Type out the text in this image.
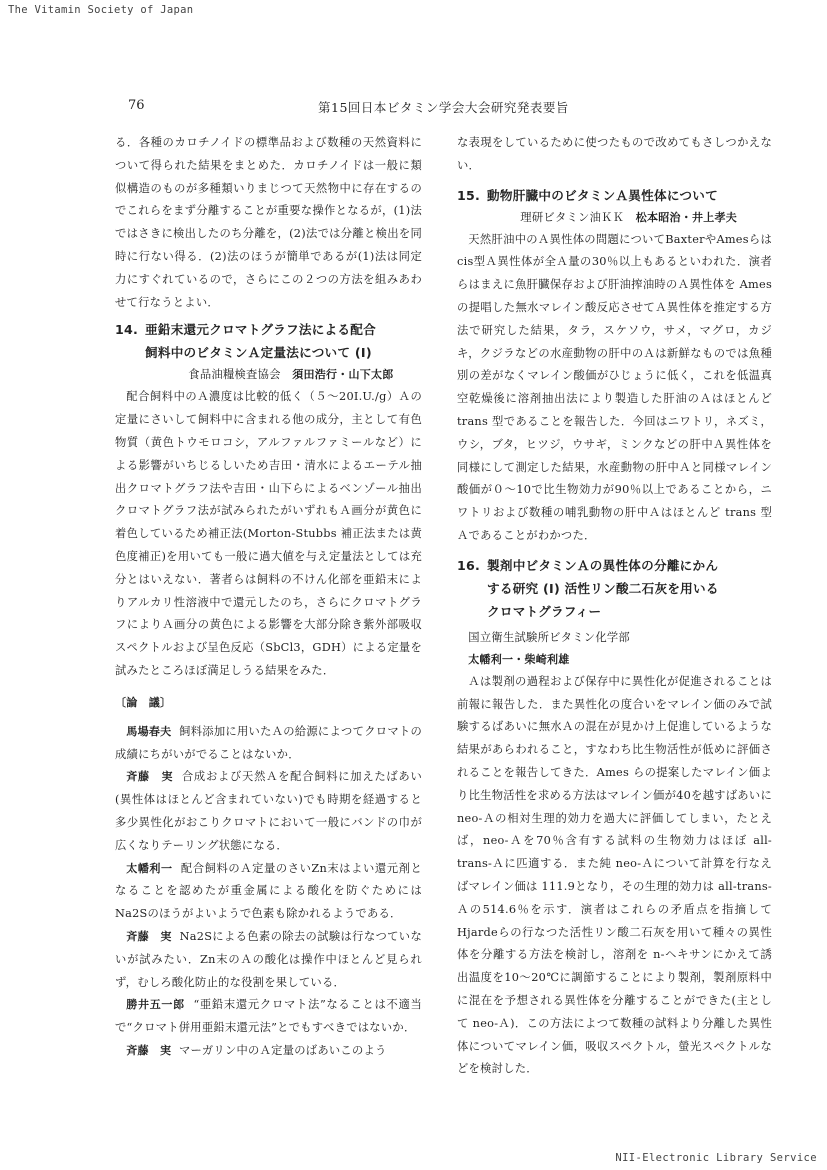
The Vitamin Society of Japan
76	第15回日本ビタミン学会大会研究発表要旨

る．各種のカロチノイドの標準品および数種の天然資料について得られた結果をまとめた．カロチノイドは一般に類似構造のものが多種類いりまじつて天然物中に存在するのでこれらをまず分離することが重要な操作となるが，(1)法ではさきに検出したのち分離を，(2)法では分離と検出を同時に行ない得る．(2)法のほうが簡単であるが(1)法は同定力にすぐれているので，さらにこの２つの方法を組みあわせて行なうとよい．

14. 亜鉛末還元クロマトグラフ法による配合
飼料中のビタミンＡ定量法について (I)

食品油糧検査協会 須田浩行・山下太郎

配合飼料中のＡ濃度は比較的低く（５～20I.U./g）Ａの定量にさいして飼料中に含まれる他の成分，主として有色物質（黄色トウモロコシ，アルファルファミールなど）による影響がいちじるしいため吉田・清水によるエーテル抽出クロマトグラフ法や吉田・山下らによるベンゾール抽出クロマトグラフ法が試みられたがいずれもＡ画分が黄色に着色しているため補正法(Morton-Stubbs 補正法または黄色度補正)を用いても一般に過大値を与え定量法としては充分とはいえない．著者らは飼料の不けん化部を亜鉛末によりアルカリ性溶液中で還元したのち，さらにクロマトグラフによりＡ画分の黄色による影響を大部分除き紫外部吸収スペクトルおよび呈色反応（SbCl3，GDH）による定量を試みたところほぼ満足しうる結果をみた．

〔論　議〕

馬場春夫 飼料添加に用いたＡの給源によつてクロマトの成績にちがいがでることはないか．

斉藤　実 合成および天然Ａを配合飼料に加えたばあい(異性体はほとんど含まれていない)でも時期を経過すると多少異性化がおこりクロマトにおいて一般にバンドの巾が広くなりテーリング状態になる．

太幡利一 配合飼料のＡ定量のさいZn末はよい還元剤となることを認めたが重金属による酸化を防ぐためにはNa2Sのほうがよいようで色素も除かれるようである．

斉藤　実 Na2Sによる色素の除去の試験は行なつていないが試みたい．Zn末のＡの酸化は操作中ほとんど見られず，むしろ酸化防止的な役割を果している．

勝井五一郎 “亜鉛末還元クロマト法”なることは不適当で“クロマト併用亜鉛末還元法”とでもすべきではないか．

斉藤　実 マーガリン中のＡ定量のばあいこのよう

な表現をしているために使つたもので改めてもさしつかえない．

15. 動物肝臓中のビタミンＡ異性体について

理研ビタミン油ＫＫ 松本昭治・井上孝夫

天然肝油中のＡ異性体の問題についてBaxterやAmesらはcis型Ａ異性体が全Ａ量の30％以上もあるといわれた．演者らはまえに魚肝臓保存および肝油搾油時のＡ異性体を Ames の提唱した無水マレイン酸反応させてＡ異性体を推定する方法で研究した結果，タラ，スケソウ，サメ，マグロ，カジキ，クジラなどの水産動物の肝中のＡは新鮮なものでは魚種別の差がなくマレイン酸価がひじょうに低く，これを低温真空乾燥後に溶剤抽出法により製造した肝油のＡはほとんど trans 型であることを報告した．今回はニワトリ，ネズミ，ウシ，ブタ，ヒツジ，ウサギ，ミンクなどの肝中Ａ異性体を同様にして測定した結果，水産動物の肝中Ａと同様マレイン酸価が０～10で比生物効力が90％以上であることから，ニワトリおよび数種の哺乳動物の肝中Ａはほとんど trans 型Ａであることがわかつた．

16. 製剤中ビタミンＡの異性体の分離にかん
する研究 (I) 活性リン酸二石灰を用いる
クロマトグラフィー

国立衛生試験所ビタミン化学部

太幡利一・柴崎利雄

Ａは製剤の過程および保存中に異性化が促進されることは前報に報告した．また異性化の度合いをマレイン価のみで試験するばあいに無水Ａの混在が見かけ上促進しているような結果があらわれること，すなわち比生物活性が低めに評価されることを報告してきた．Ames らの提案したマレイン価より比生物活性を求める方法はマレイン価が40を越すばあいに neo-Ａの相対生理的効力を過大に評価してしまい，たとえば，neo-Ａを70％含有する試料の生物効力はほぼ all-trans-Ａに匹適する．また純 neo-Ａについて計算を行なえばマレイン価は 111.9となり，その生理的効力は all-trans-Ａの514.6％を示す．演者はこれらの矛盾点を指摘してHjardeらの行なつた活性リン酸二石灰を用いて種々の異性体を分離する方法を検討し，溶剤を n-ヘキサンにかえて誘出温度を10～20℃に調節することにより製剤，製剤原料中に混在を予想される異性体を分離することができた(主として neo-Ａ)．この方法によつて数種の試料より分離した異性体についてマレイン価，吸収スペクトル，螢光スペクトルなどを検討した．

NII-Electronic Library Service
